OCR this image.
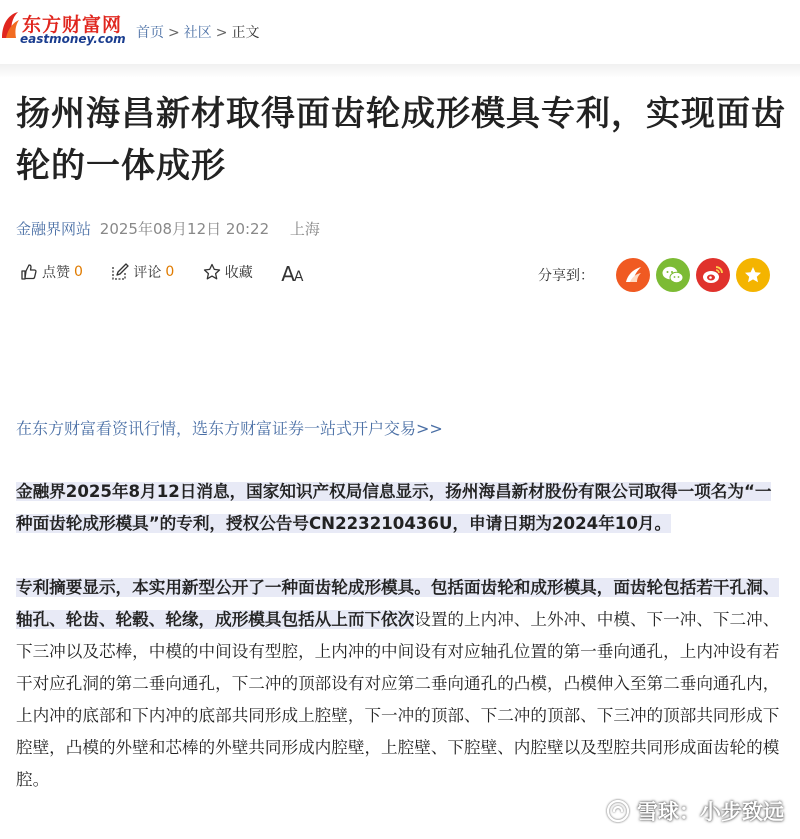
东方财富网
eastmoney.com 首页 > 社区 > 正文
扬州海昌新材取得面齿轮成形模具专利，实现面齿轮的一体成形
金融界网站 2025年08月12日 20:22 上海
点赞 0
	评论 0
	收藏 AA	分享到：
在东方财富看资讯行情，选东方财富证券一站式开户交易>>

金融界2025年8月12日消息，国家知识产权局信息显示，扬州海昌新材股份有限公司取得一项名为“一种面齿轮成形模具”的专利，授权公告号CN223210436U，申请日期为2024年10月。

专利摘要显示，本实用新型公开了一种面齿轮成形模具。包括面齿轮和成形模具，面齿轮包括若干孔洞、轴孔、轮齿、轮毂、轮缘，成形模具包括从上而下依次设置的上内冲、上外冲、中模、下一冲、下二冲、下三冲以及芯棒，中模的中间设有型腔，上内冲的中间设有对应轴孔位置的第一垂向通孔，上内冲设有若干对应孔洞的第二垂向通孔，下二冲的顶部设有对应第二垂向通孔的凸模，凸模伸入至第二垂向通孔内，上内冲的底部和下内冲的底部共同形成上腔壁，下一冲的顶部、下二冲的顶部、下三冲的顶部共同形成下腔壁，凸模的外壁和芯棒的外壁共同形成内腔壁，上腔壁、下腔壁、内腔壁以及型腔共同形成面齿轮的模腔。

雪球：小步致远
